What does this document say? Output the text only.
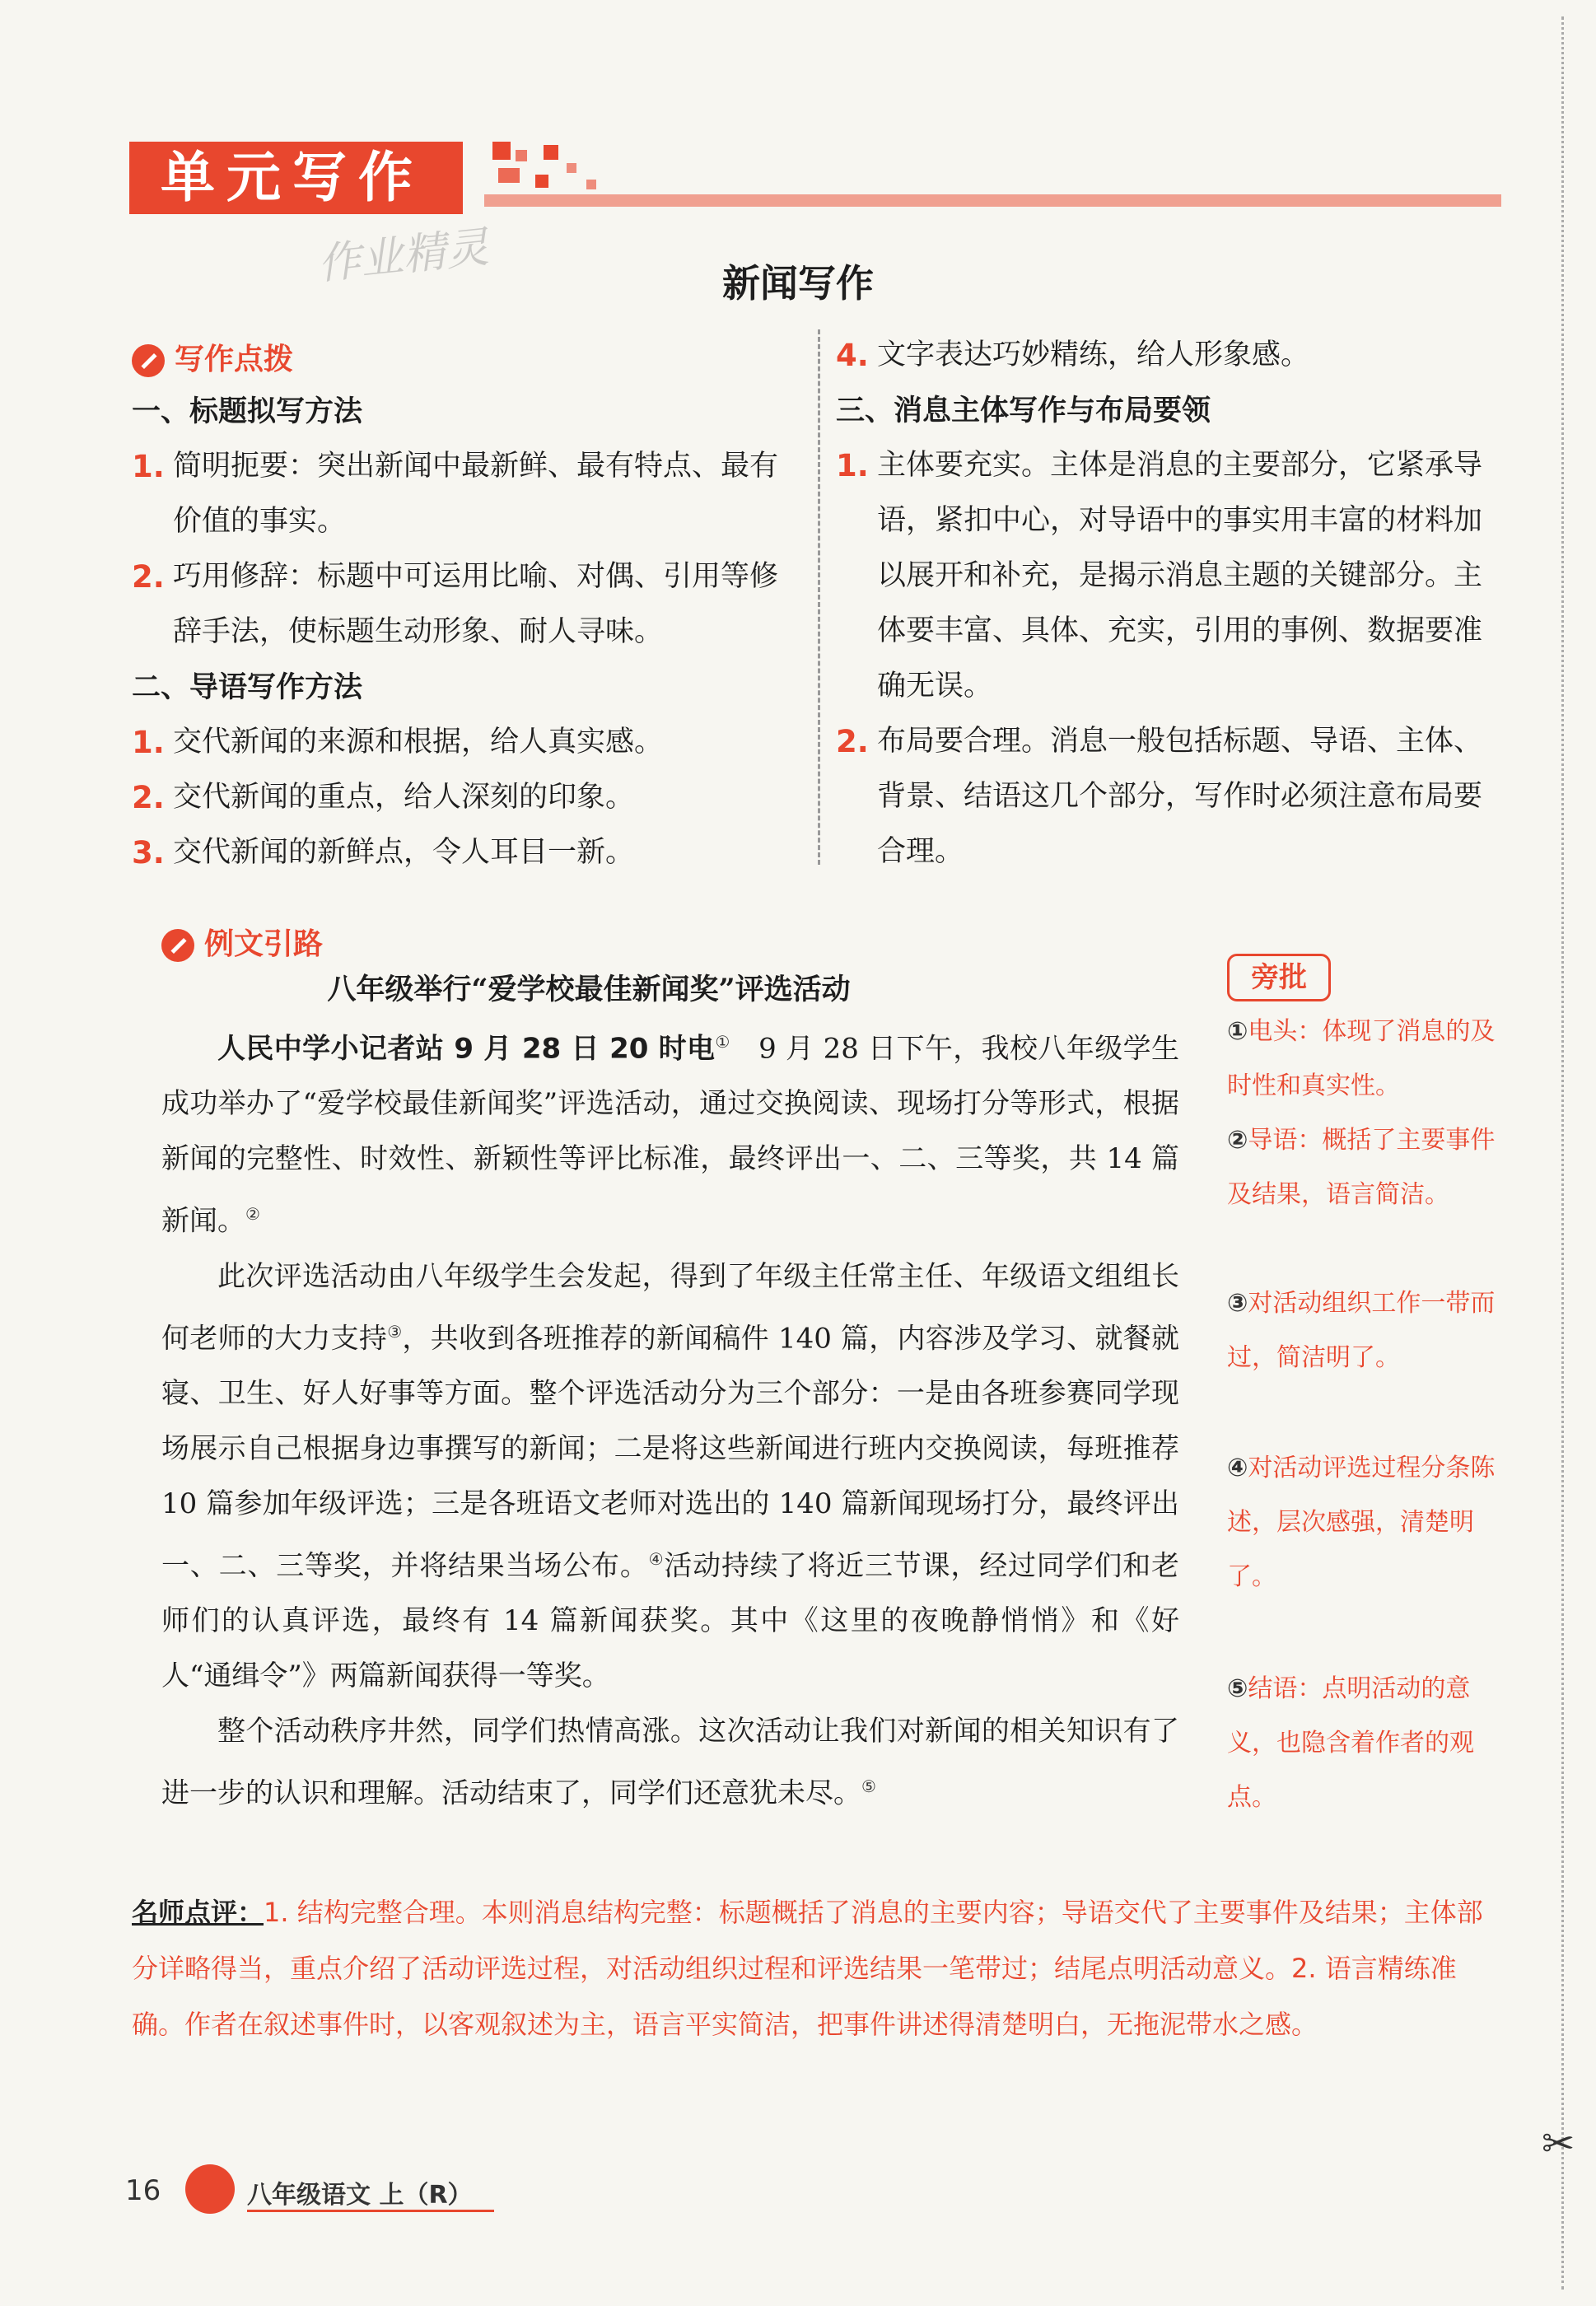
单元写作
作业精灵	新闻写作
写作点拨
一、标题拟写方法
1. 简明扼要：突出新闻中最新鲜、最有特点、最有价值的事实。
2. 巧用修辞：标题中可运用比喻、对偶、引用等修辞手法，使标题生动形象、耐人寻味。
二、导语写作方法
1. 交代新闻的来源和根据，给人真实感。
2. 交代新闻的重点，给人深刻的印象。
3. 交代新闻的新鲜点，令人耳目一新。
4. 文字表达巧妙精练，给人形象感。
三、消息主体写作与布局要领
1. 主体要充实。主体是消息的主要部分，它紧承导语，紧扣中心，对导语中的事实用丰富的材料加以展开和补充，是揭示消息主题的关键部分。主体要丰富、具体、充实，引用的事例、数据要准确无误。
2. 布局要合理。消息一般包括标题、导语、主体、背景、结语这几个部分，写作时必须注意布局要合理。
例文引路
八年级举行“爱学校最佳新闻奖”评选活动

人民中学小记者站 9 月 28 日 20 时电①　 9 月 28 日下午，我校八年级学生成功举办了“爱学校最佳新闻奖”评选活动，通过交换阅读、现场打分等形式，根据新闻的完整性、时效性、新颖性等评比标准，最终评出一、二、三等奖，共 14 篇新闻。②

此次评选活动由八年级学生会发起，得到了年级主任常主任、年级语文组组长何老师的大力支持③，共收到各班推荐的新闻稿件 140 篇，内容涉及学习、就餐就寝、卫生、好人好事等方面。整个评选活动分为三个部分：一是由各班参赛同学现场展示自己根据身边事撰写的新闻；二是将这些新闻进行班内交换阅读，每班推荐 10 篇参加年级评选；三是各班语文老师对选出的 140 篇新闻现场打分，最终评出一、二、三等奖，并将结果当场公布。④活动持续了将近三节课，经过同学们和老师们的认真评选，最终有 14 篇新闻获奖。其中《这里的夜晚静悄悄》和《好人“通缉令”》两篇新闻获得一等奖。

整个活动秩序井然，同学们热情高涨。这次活动让我们对新闻的相关知识有了进一步的认识和理解。活动结束了，同学们还意犹未尽。⑤

旁批
①电头：体现了消息的及时性和真实性。
②导语：概括了主要事件及结果，语言简洁。
③对活动组织工作一带而过，简洁明了。
④对活动评选过程分条陈述，层次感强，清楚明了。
⑤结语：点明活动的意义，也隐含着作者的观点。
名师点评：1. 结构完整合理。本则消息结构完整：标题概括了消息的主要内容；导语交代了主要事件及结果；主体部分详略得当，重点介绍了活动评选过程，对活动组织过程和评选结果一笔带过；结尾点明活动意义。2. 语言精练准确。作者在叙述事件时，以客观叙述为主，语言平实简洁，把事件讲述得清楚明白，无拖泥带水之感。
16	八年级语文 上（R）
✂
